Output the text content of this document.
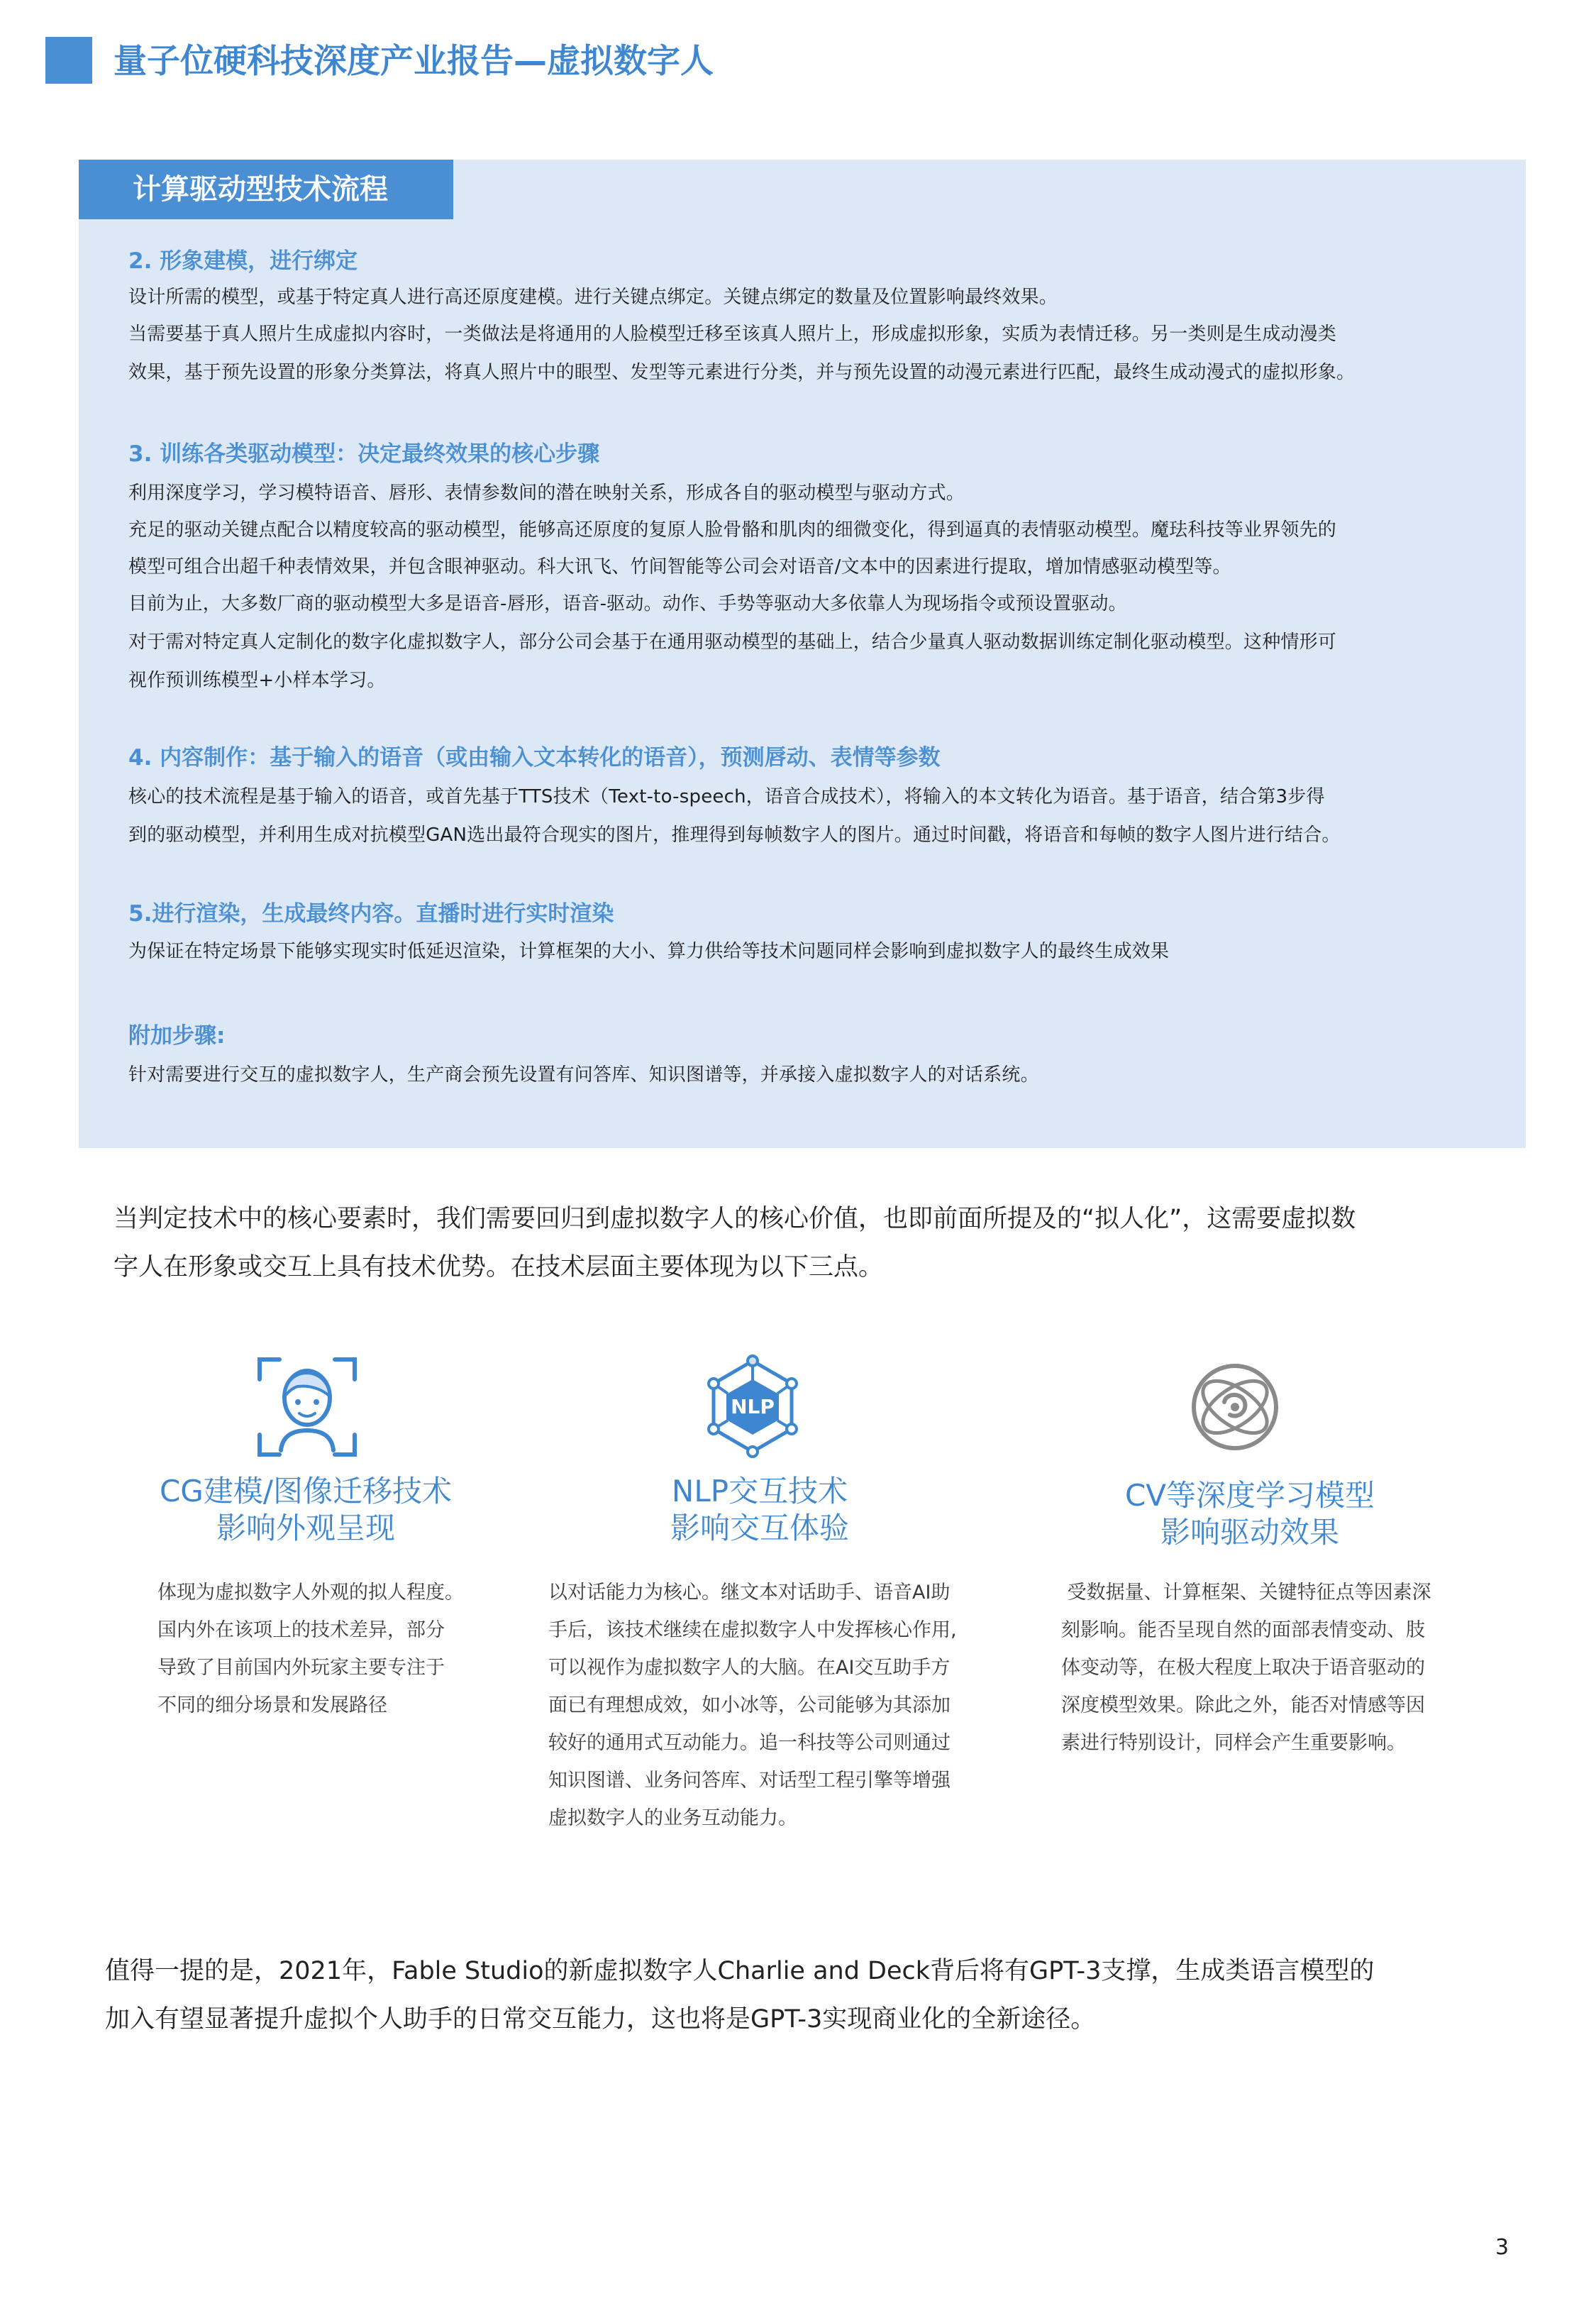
量子位硬科技深度产业报告—虚拟数字人
计算驱动型技术流程
2. 形象建模，进行绑定
设计所需的模型，或基于特定真人进行高还原度建模。进行关键点绑定。关键点绑定的数量及位置影响最终效果。
当需要基于真人照片生成虚拟内容时，一类做法是将通用的人脸模型迁移至该真人照片上，形成虚拟形象，实质为表情迁移。另一类则是生成动漫类
效果，基于预先设置的形象分类算法，将真人照片中的眼型、发型等元素进行分类，并与预先设置的动漫元素进行匹配，最终生成动漫式的虚拟形象。
3. 训练各类驱动模型：决定最终效果的核心步骤
利用深度学习，学习模特语音、唇形、表情参数间的潜在映射关系，形成各自的驱动模型与驱动方式。
充足的驱动关键点配合以精度较高的驱动模型，能够高还原度的复原人脸骨骼和肌肉的细微变化，得到逼真的表情驱动模型。魔珐科技等业界领先的
模型可组合出超千种表情效果，并包含眼神驱动。科大讯飞、竹间智能等公司会对语音/文本中的因素进行提取，增加情感驱动模型等。
目前为止，大多数厂商的驱动模型大多是语音-唇形，语音-驱动。动作、手势等驱动大多依靠人为现场指令或预设置驱动。
对于需对特定真人定制化的数字化虚拟数字人，部分公司会基于在通用驱动模型的基础上，结合少量真人驱动数据训练定制化驱动模型。这种情形可
视作预训练模型+小样本学习。
4. 内容制作：基于输入的语音（或由输入文本转化的语音），预测唇动、表情等参数
核心的技术流程是基于输入的语音，或首先基于TTS技术（Text-to-speech，语音合成技术），将输入的本文转化为语音。基于语音，结合第3步得
到的驱动模型，并利用生成对抗模型GAN选出最符合现实的图片，推理得到每帧数字人的图片。通过时间戳，将语音和每帧的数字人图片进行结合。
5.进行渲染，生成最终内容。直播时进行实时渲染
为保证在特定场景下能够实现实时低延迟渲染，计算框架的大小、算力供给等技术问题同样会影响到虚拟数字人的最终生成效果
附加步骤:
针对需要进行交互的虚拟数字人，生产商会预先设置有问答库、知识图谱等，并承接入虚拟数字人的对话系统。
当判定技术中的核心要素时，我们需要回归到虚拟数字人的核心价值，也即前面所提及的“拟人化”，这需要虚拟数
字人在形象或交互上具有技术优势。在技术层面主要体现为以下三点。
CG建模/图像迁移技术
影响外观呈现
体现为虚拟数字人外观的拟人程度。
国内外在该项上的技术差异，部分
导致了目前国内外玩家主要专注于
不同的细分场景和发展路径
NLP
NLP交互技术
影响交互体验
以对话能力为核心。继文本对话助手、语音AI助
手后，该技术继续在虚拟数字人中发挥核心作用,
可以视作为虚拟数字人的大脑。在AI交互助手方
面已有理想成效，如小冰等，公司能够为其添加
较好的通用式互动能力。追一科技等公司则通过
知识图谱、业务问答库、对话型工程引擎等增强
虚拟数字人的业务互动能力。
CV等深度学习模型
影响驱动效果
受数据量、计算框架、关键特征点等因素深
刻影响。能否呈现自然的面部表情变动、肢
体变动等，在极大程度上取决于语音驱动的
深度模型效果。除此之外，能否对情感等因
素进行特别设计，同样会产生重要影响。
值得一提的是，2021年，Fable Studio的新虚拟数字人Charlie and Deck背后将有GPT-3支撑，生成类语言模型的
加入有望显著提升虚拟个人助手的日常交互能力，这也将是GPT-3实现商业化的全新途径。
3
